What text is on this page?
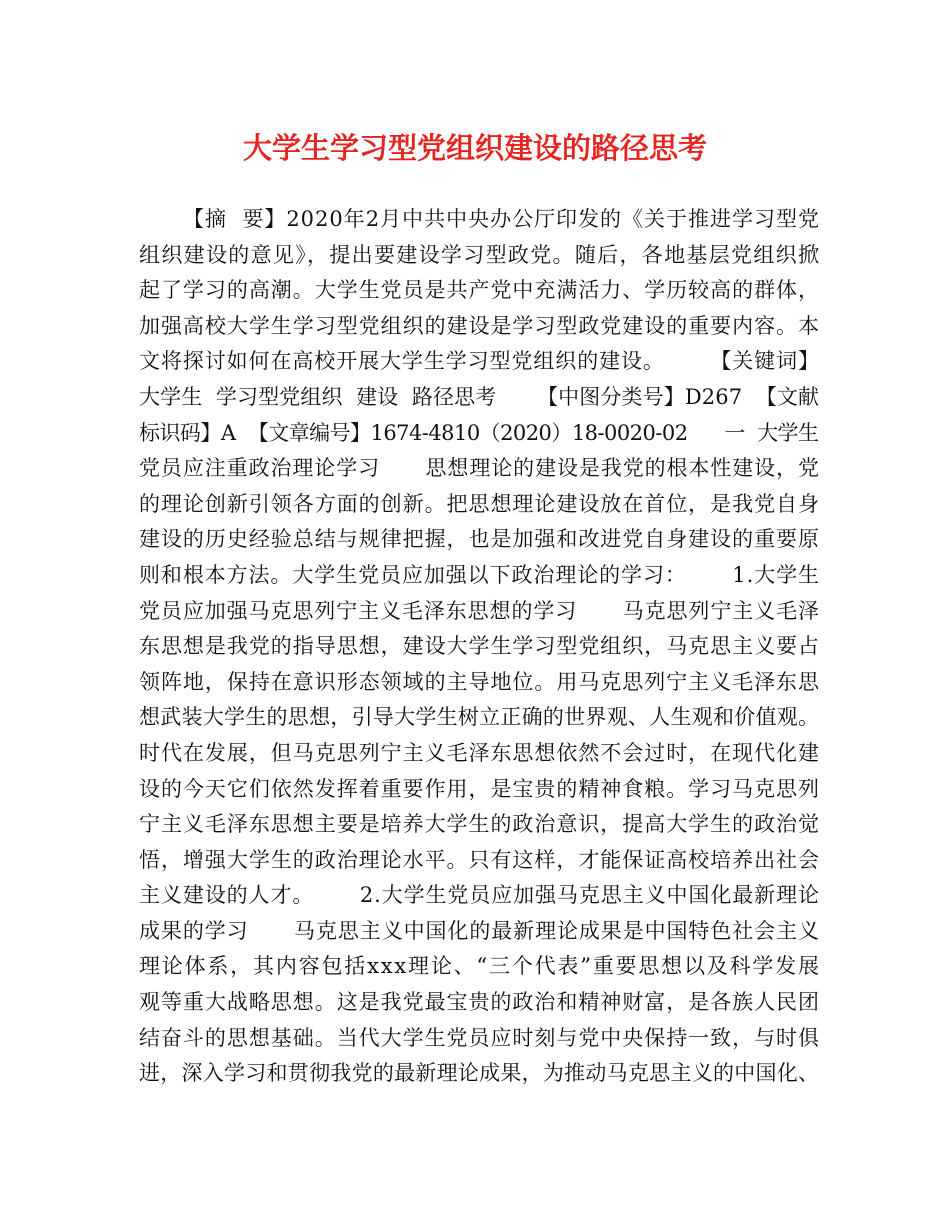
大学生学习型党组织建设的路径思考
【摘  要】2020年2月中共中央办公厅印发的《关于推进学习型党
组织建设的意见》，提出要建设学习型政党。随后，各地基层党组织掀
起了学习的高潮。大学生党员是共产党中充满活力、学历较高的群体，
加强高校大学生学习型党组织的建设是学习型政党建设的重要内容。本
文将探讨如何在高校开展大学生学习型党组织的建设。      【关键词】
大学生  学习型党组织  建设  路径思考      【中图分类号】D267  【文献
标识码】A  【文章编号】1674-4810（2020）18-0020-02      一  大学生
党员应注重政治理论学习      思想理论的建设是我党的根本性建设，党
的理论创新引领各方面的创新。把思想理论建设放在首位，是我党自身
建设的历史经验总结与规律把握，也是加强和改进党自身建设的重要原
则和根本方法。大学生党员应加强以下政治理论的学习：      1.大学生
党员应加强马克思列宁主义毛泽东思想的学习      马克思列宁主义毛泽
东思想是我党的指导思想，建设大学生学习型党组织，马克思主义要占
领阵地，保持在意识形态领域的主导地位。用马克思列宁主义毛泽东思
想武装大学生的思想，引导大学生树立正确的世界观、人生观和价值观。
时代在发展，但马克思列宁主义毛泽东思想依然不会过时，在现代化建
设的今天它们依然发挥着重要作用，是宝贵的精神食粮。学习马克思列
宁主义毛泽东思想主要是培养大学生的政治意识，提高大学生的政治觉
悟，增强大学生的政治理论水平。只有这样，才能保证高校培养出社会
主义建设的人才。      2.大学生党员应加强马克思主义中国化最新理论
成果的学习      马克思主义中国化的最新理论成果是中国特色社会主义
理论体系，其内容包括xxx理论、“三个代表”重要思想以及科学发展
观等重大战略思想。这是我党最宝贵的政治和精神财富，是各族人民团
结奋斗的思想基础。当代大学生党员应时刻与党中央保持一致，与时俱
进，深入学习和贯彻我党的最新理论成果，为推动马克思主义的中国化、
